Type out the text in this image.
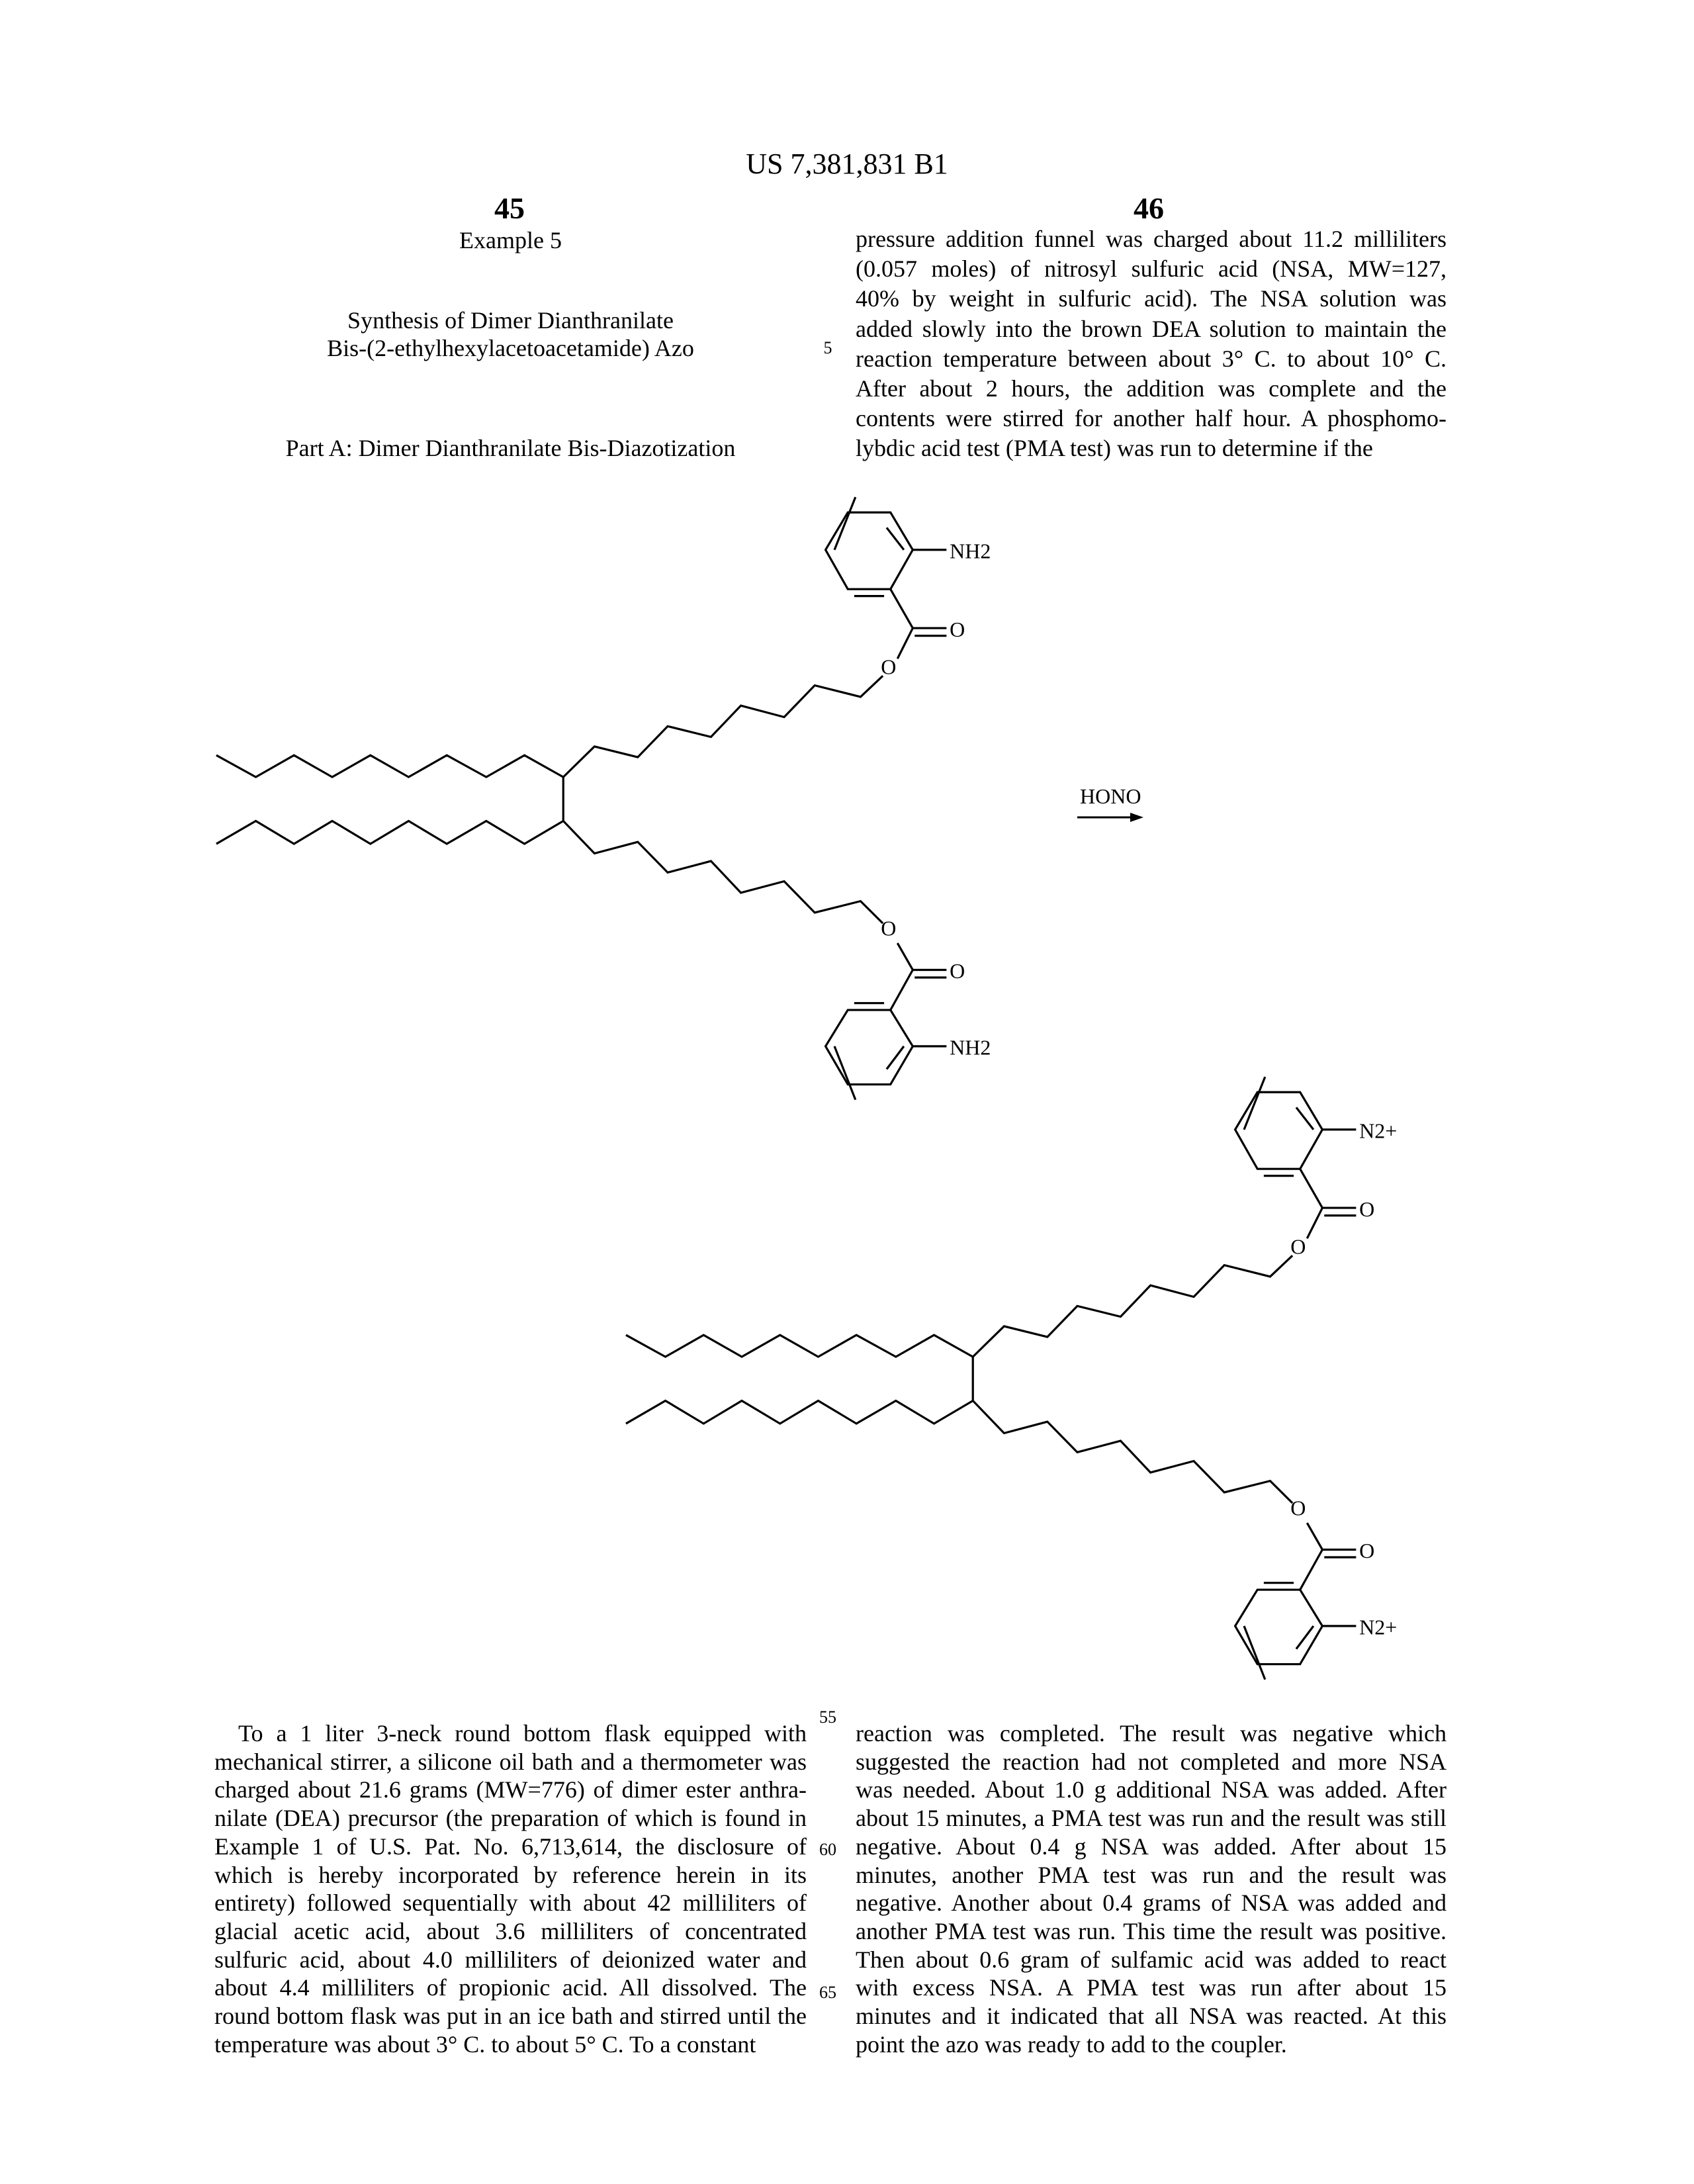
US 7,381,831 B1
45	46
Example 5
Synthesis of Dimer Dianthranilate
Bis-(2-ethylhexylacetoacetamide) Azo
Part A: Dimer Dianthranilate Bis-Diazotization
pressure addition funnel was charged about 11.2 milliliters
(0.057 moles) of nitrosyl sulfuric acid (NSA, MW=127,
40% by weight in sulfuric acid). The NSA solution was
added slowly into the brown DEA solution to maintain the
reaction temperature between about 3° C. to about 10° C.
After about 2 hours, the addition was complete and the
contents were stirred for another half hour. A phosphomo-
lybdic acid test (PMA test) was run to determine if the
To a 1 liter 3-neck round bottom flask equipped with
mechanical stirrer, a silicone oil bath and a thermometer was
charged about 21.6 grams (MW=776) of dimer ester anthra-
nilate (DEA) precursor (the preparation of which is found in
Example 1 of U.S. Pat. No. 6,713,614, the disclosure of
which is hereby incorporated by reference herein in its
entirety) followed sequentially with about 42 milliliters of
glacial acetic acid, about 3.6 milliliters of concentrated
sulfuric acid, about 4.0 milliliters of deionized water and
about 4.4 milliliters of propionic acid. All dissolved. The
round bottom flask was put in an ice bath and stirred until the
temperature was about 3° C. to about 5° C. To a constant
reaction was completed. The result was negative which
suggested the reaction had not completed and more NSA
was needed. About 1.0 g additional NSA was added. After
about 15 minutes, a PMA test was run and the result was still
negative. About 0.4 g NSA was added. After about 15
minutes, another PMA test was run and the result was
negative. Another about 0.4 grams of NSA was added and
another PMA test was run. This time the result was positive.
Then about 0.6 gram of sulfamic acid was added to react
with excess NSA. A PMA test was run after about 15
minutes and it indicated that all NSA was reacted. At this
point the azo was ready to add to the coupler.
5
55
60
65
NH2
O
O
NH2
O
O
N2+
O
O
N2+
O
O
HONO
